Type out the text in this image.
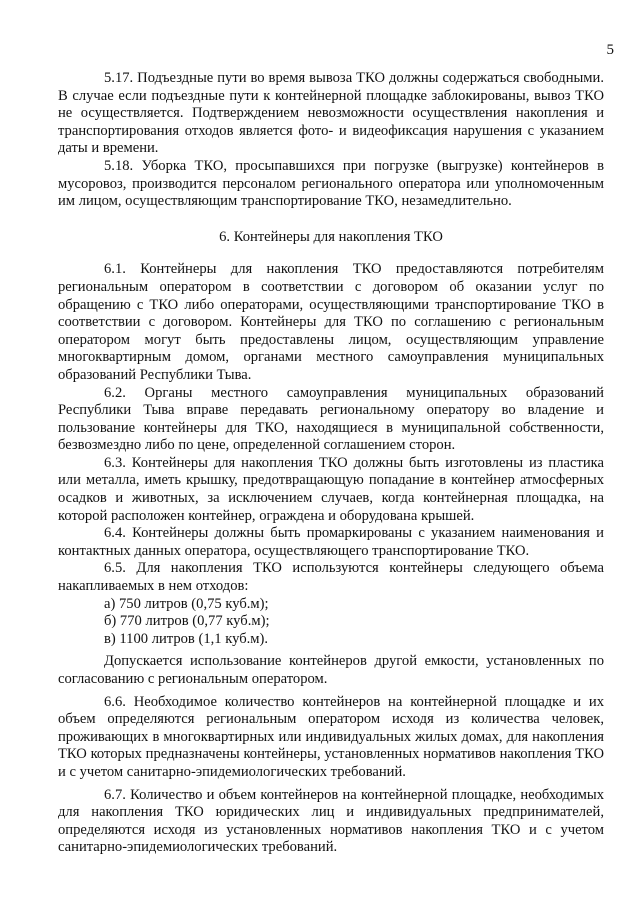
5

5.17. Подъездные пути во время вывоза ТКО должны содержаться свободными. В случае если подъездные пути к контейнерной площадке заблокированы, вывоз ТКО не осуществляется. Подтверждением невозможности осуществления накопления и транспортирования отходов является фото- и видеофиксация нарушения с указанием даты и времени.

5.18. Уборка ТКО, просыпавшихся при погрузке (выгрузке) контейнеров в мусоровоз, производится персоналом регионального оператора или уполномоченным им лицом, осуществляющим транспортирование ТКО, незамедлительно.

6. Контейнеры для накопления ТКО

6.1. Контейнеры для накопления ТКО предоставляются потребителям региональным оператором в соответствии с договором об оказании услуг по обращению с ТКО либо операторами, осуществляющими транспортирование ТКО в соответствии с договором. Контейнеры для ТКО по соглашению с региональным оператором могут быть предоставлены лицом, осуществляющим управление многоквартирным домом, органами местного самоуправления муниципальных образований Республики Тыва.

6.2. Органы местного самоуправления муниципальных образований Республики Тыва вправе передавать региональному оператору во владение и пользование контейнеры для ТКО, находящиеся в муниципальной собственности, безвозмездно либо по цене, определенной соглашением сторон.

6.3. Контейнеры для накопления ТКО должны быть изготовлены из пластика или металла, иметь крышку, предотвращающую попадание в контейнер атмосферных осадков и животных, за исключением случаев, когда контейнерная площадка, на которой расположен контейнер, ограждена и оборудована крышей.

6.4. Контейнеры должны быть промаркированы с указанием наименования и контактных данных оператора, осуществляющего транспортирование ТКО.

6.5. Для накопления ТКО используются контейнеры следующего объема накапливаемых в нем отходов:

а) 750 литров (0,75 куб.м);
б) 770 литров (0,77 куб.м);
в) 1100 литров (1,1 куб.м).

Допускается использование контейнеров другой емкости, установленных по согласованию с региональным оператором.

6.6. Необходимое количество контейнеров на контейнерной площадке и их объем определяются региональным оператором исходя из количества человек, проживающих в многоквартирных или индивидуальных жилых домах, для накопления ТКО которых предназначены контейнеры, установленных нормативов накопления ТКО и с учетом санитарно-эпидемиологических требований.

6.7. Количество и объем контейнеров на контейнерной площадке, необходимых для накопления ТКО юридических лиц и индивидуальных предпринимателей, определяются исходя из установленных нормативов накопления ТКО и с учетом санитарно-эпидемиологических требований.
